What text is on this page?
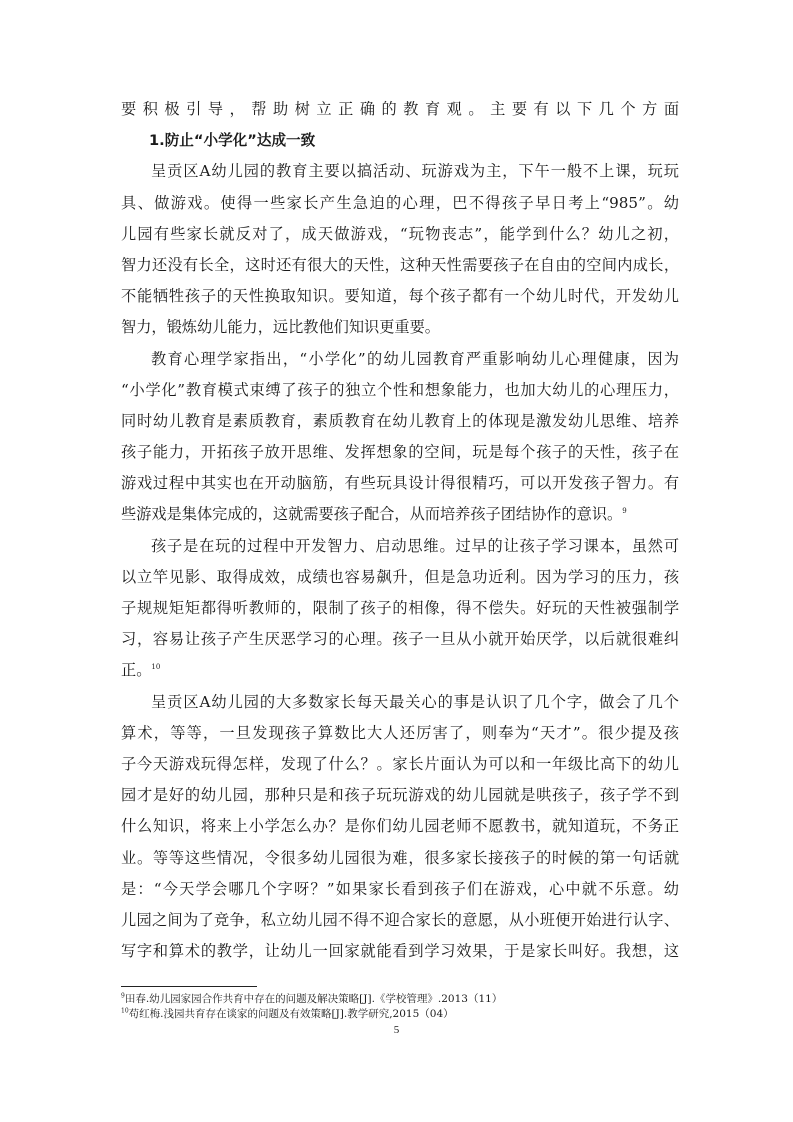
要积极引导，帮助树立正确的教育观。主要有以下几个方面

1.防止“小学化”达成一致

呈贡区A幼儿园的教育主要以搞活动、玩游戏为主，下午一般不上课，玩玩

具、做游戏。使得一些家长产生急迫的心理，巴不得孩子早日考上“985”。幼

儿园有些家长就反对了，成天做游戏，“玩物丧志”，能学到什么？幼儿之初，

智力还没有长全，这时还有很大的天性，这种天性需要孩子在自由的空间内成长，

不能牺牲孩子的天性换取知识。要知道，每个孩子都有一个幼儿时代，开发幼儿

智力，锻炼幼儿能力，远比教他们知识更重要。

教育心理学家指出，“小学化”的幼儿园教育严重影响幼儿心理健康，因为

“小学化”教育模式束缚了孩子的独立个性和想象能力，也加大幼儿的心理压力，

同时幼儿教育是素质教育，素质教育在幼儿教育上的体现是激发幼儿思维、培养

孩子能力，开拓孩子放开思维、发挥想象的空间，玩是每个孩子的天性，孩子在

游戏过程中其实也在开动脑筋，有些玩具设计得很精巧，可以开发孩子智力。有

些游戏是集体完成的，这就需要孩子配合，从而培养孩子团结协作的意识。$^9$

孩子是在玩的过程中开发智力、启动思维。过早的让孩子学习课本，虽然可

以立竿见影、取得成效，成绩也容易飙升，但是急功近利。因为学习的压力，孩

子规规矩矩都得听教师的，限制了孩子的相像，得不偿失。好玩的天性被强制学

习，容易让孩子产生厌恶学习的心理。孩子一旦从小就开始厌学，以后就很难纠

正。$^{10}$

呈贡区A幼儿园的大多数家长每天最关心的事是认识了几个字，做会了几个

算术，等等，一旦发现孩子算数比大人还厉害了，则奉为“天才”。很少提及孩

子今天游戏玩得怎样，发现了什么？。家长片面认为可以和一年级比高下的幼儿

园才是好的幼儿园，那种只是和孩子玩玩游戏的幼儿园就是哄孩子，孩子学不到

什么知识，将来上小学怎么办？是你们幼儿园老师不愿教书，就知道玩，不务正

业。等等这些情况，令很多幼儿园很为难，很多家长接孩子的时候的第一句话就

是：“今天学会哪几个字呀？”如果家长看到孩子们在游戏，心中就不乐意。幼

儿园之间为了竞争，私立幼儿园不得不迎合家长的意愿，从小班便开始进行认字、

写字和算术的教学，让幼儿一回家就能看到学习效果，于是家长叫好。我想，这

$^9$田春.幼儿园家园合作共育中存在的问题及解决策略[J].《学校管理》.2013（11）

$^{10}$苟红梅.浅园共育存在谈家的问题及有效策略[J].教学研究,2015（04）

5
